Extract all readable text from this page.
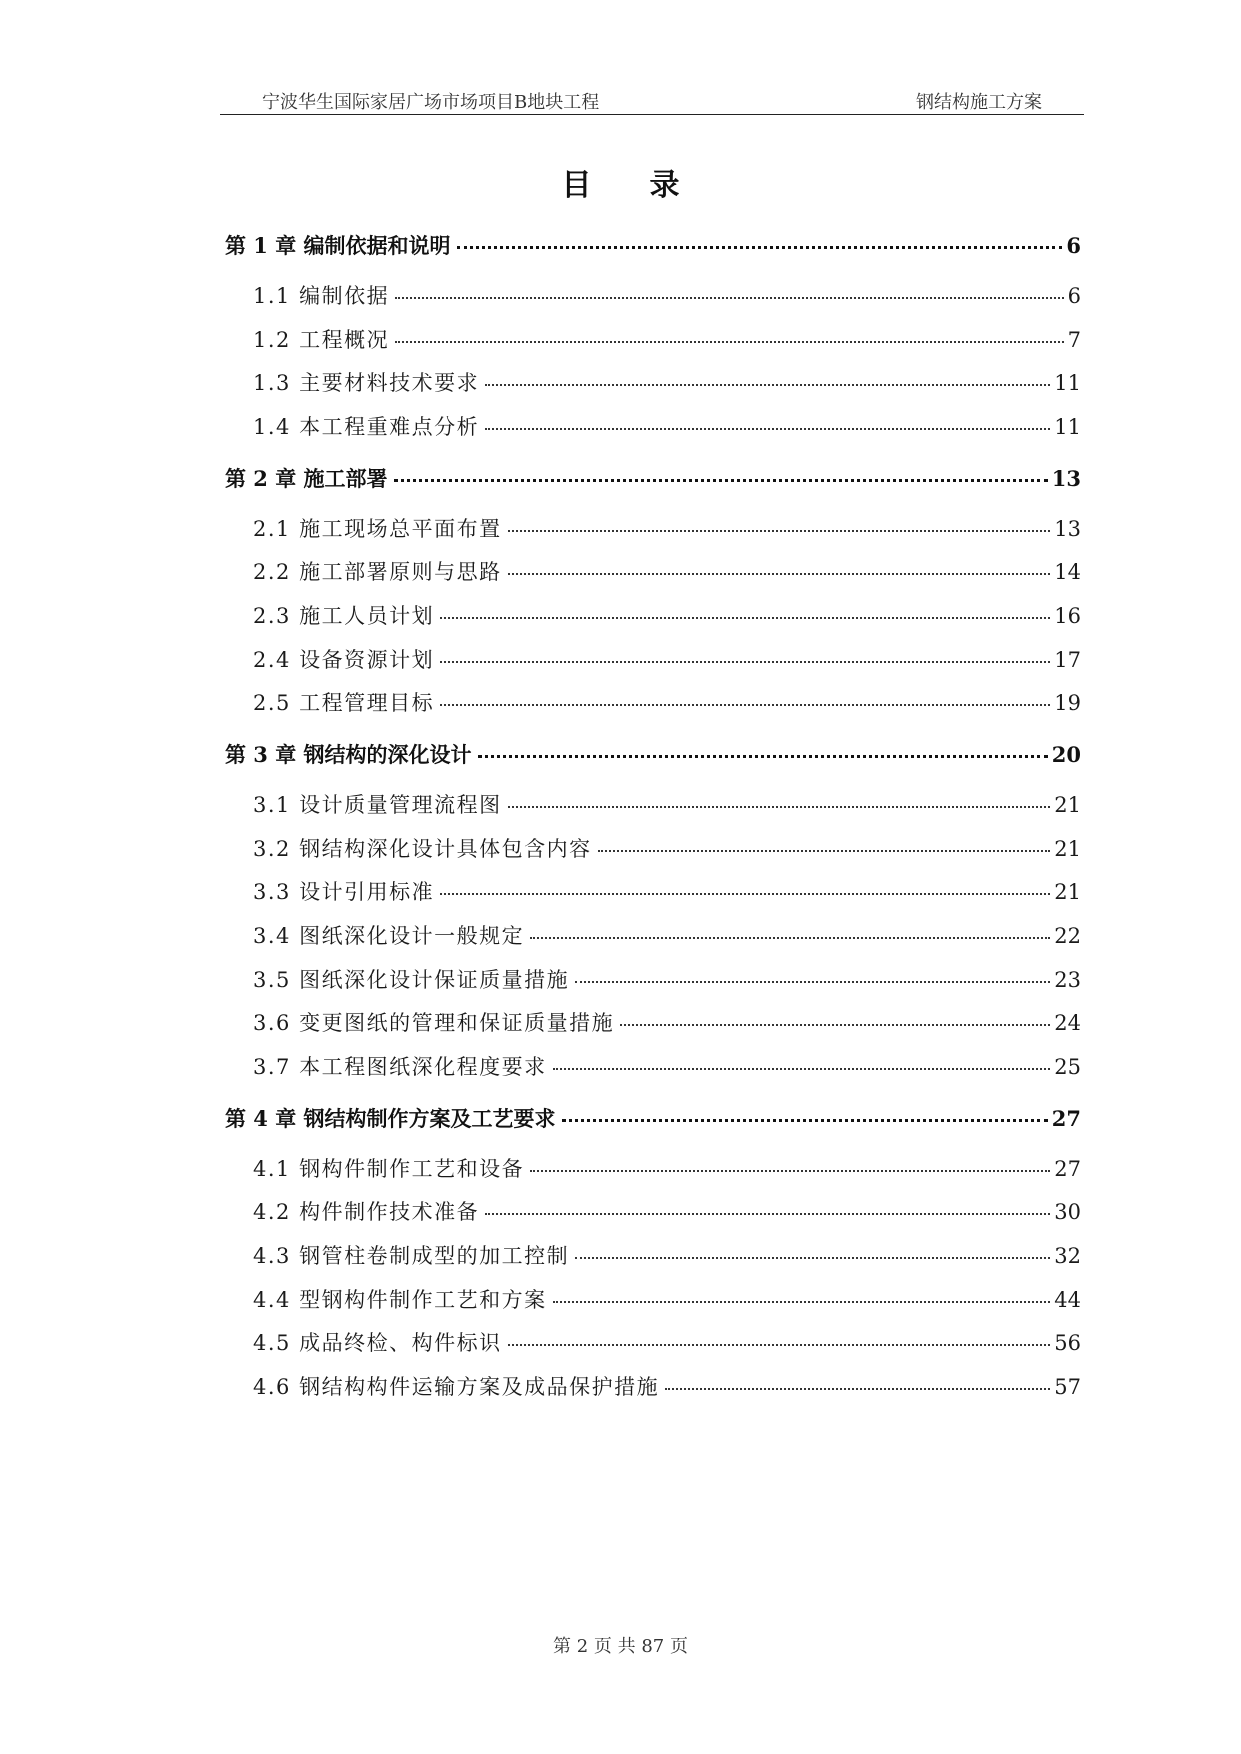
宁波华生国际家居广场市场项目B地块工程	钢结构施工方案
目录
第 1 章 编制依据和说明	6
1.1 编制依据	6
1.2 工程概况	7
1.3 主要材料技术要求	11
1.4 本工程重难点分析	11
第 2 章 施工部署	13
2.1 施工现场总平面布置	13
2.2 施工部署原则与思路	14
2.3 施工人员计划	16
2.4 设备资源计划	17
2.5 工程管理目标	19
第 3 章 钢结构的深化设计	20
3.1 设计质量管理流程图	21
3.2 钢结构深化设计具体包含内容	21
3.3 设计引用标准	21
3.4 图纸深化设计一般规定	22
3.5 图纸深化设计保证质量措施	23
3.6 变更图纸的管理和保证质量措施	24
3.7 本工程图纸深化程度要求	25
第 4 章 钢结构制作方案及工艺要求	27
4.1 钢构件制作工艺和设备	27
4.2 构件制作技术准备	30
4.3 钢管柱卷制成型的加工控制	32
4.4 型钢构件制作工艺和方案	44
4.5 成品终检、构件标识	56
4.6 钢结构构件运输方案及成品保护措施	57
第 2 页 共 87 页
